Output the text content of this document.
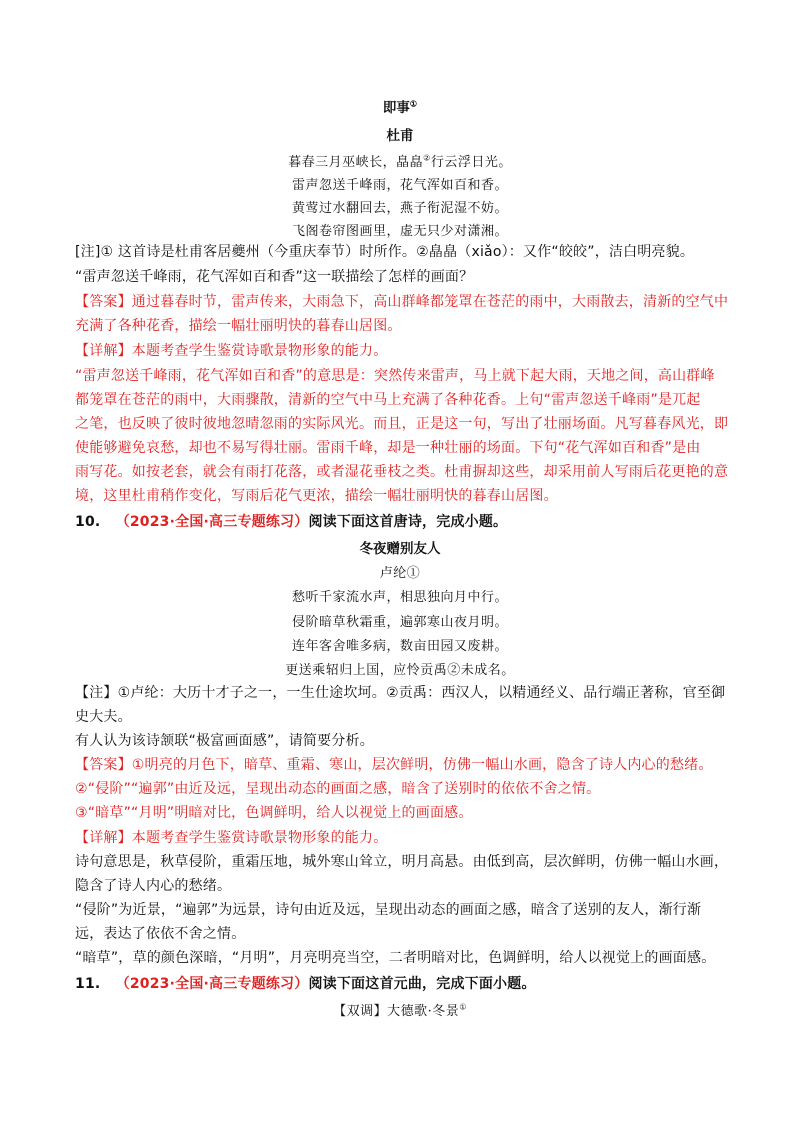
即事①
杜甫
暮春三月巫峡长，皛皛②行云浮日光。
雷声忽送千峰雨，花气浑如百和香。
黄莺过水翻回去，燕子衔泥湿不妨。
飞阁卷帘图画里，虚无只少对潇湘。
[注]① 这首诗是杜甫客居夔州（今重庆奉节）时所作。②皛皛（xiǎo）：又作“皎皎”，洁白明亮貌。
“雷声忽送千峰雨，花气浑如百和香”这一联描绘了怎样的画面？
【答案】通过暮春时节，雷声传来，大雨急下，高山群峰都笼罩在苍茫的雨中，大雨散去，清新的空气中
充满了各种花香，描绘一幅壮丽明快的暮春山居图。
【详解】本题考查学生鉴赏诗歌景物形象的能力。
“雷声忽送千峰雨，花气浑如百和香”的意思是：突然传来雷声，马上就下起大雨，天地之间，高山群峰
都笼罩在苍茫的雨中，大雨骤散，清新的空气中马上充满了各种花香。上句“雷声忽送千峰雨”是兀起
之笔，也反映了彼时彼地忽晴忽雨的实际风光。而且，正是这一句，写出了壮丽场面。凡写暮春风光，即
使能够避免哀愁，却也不易写得壮丽。雷雨千峰，却是一种壮丽的场面。下句“花气浑如百和香”是由
雨写花。如按老套，就会有雨打花落，或者湿花垂枝之类。杜甫摒却这些，却采用前人写雨后花更艳的意
境，这里杜甫稍作变化，写雨后花气更浓，描绘一幅壮丽明快的暮春山居图。
10. （2023·全国·高三专题练习）阅读下面这首唐诗，完成小题。
冬夜赠别友人
卢纶①
愁听千家流水声，相思独向月中行。
侵阶暗草秋霜重，遍郭寒山夜月明。
连年客舍唯多病，数亩田园又废耕。
更送乘轺归上国，应怜贡禹②未成名。
【注】①卢纶：大历十才子之一，一生仕途坎坷。②贡禹：西汉人，以精通经义、品行端正著称，官至御
史大夫。
有人认为该诗颔联“极富画面感”，请简要分析。
【答案】①明亮的月色下，暗草、重霜、寒山，层次鲜明，仿佛一幅山水画，隐含了诗人内心的愁绪。
②“侵阶”“遍郭”由近及远，呈现出动态的画面之感，暗含了送别时的依依不舍之情。
③“暗草”“月明”明暗对比，色调鲜明，给人以视觉上的画面感。
【详解】本题考查学生鉴赏诗歌景物形象的能力。
诗句意思是，秋草侵阶，重霜压地，城外寒山耸立，明月高悬。由低到高，层次鲜明，仿佛一幅山水画，
隐含了诗人内心的愁绪。
“侵阶”为近景，“遍郭”为远景，诗句由近及远，呈现出动态的画面之感，暗含了送别的友人，渐行渐
远，表达了依依不舍之情。
“暗草”，草的颜色深暗，“月明”，月亮明亮当空，二者明暗对比，色调鲜明，给人以视觉上的画面感。
11. （2023·全国·高三专题练习）阅读下面这首元曲，完成下面小题。
【双调】大德歌·冬景①
